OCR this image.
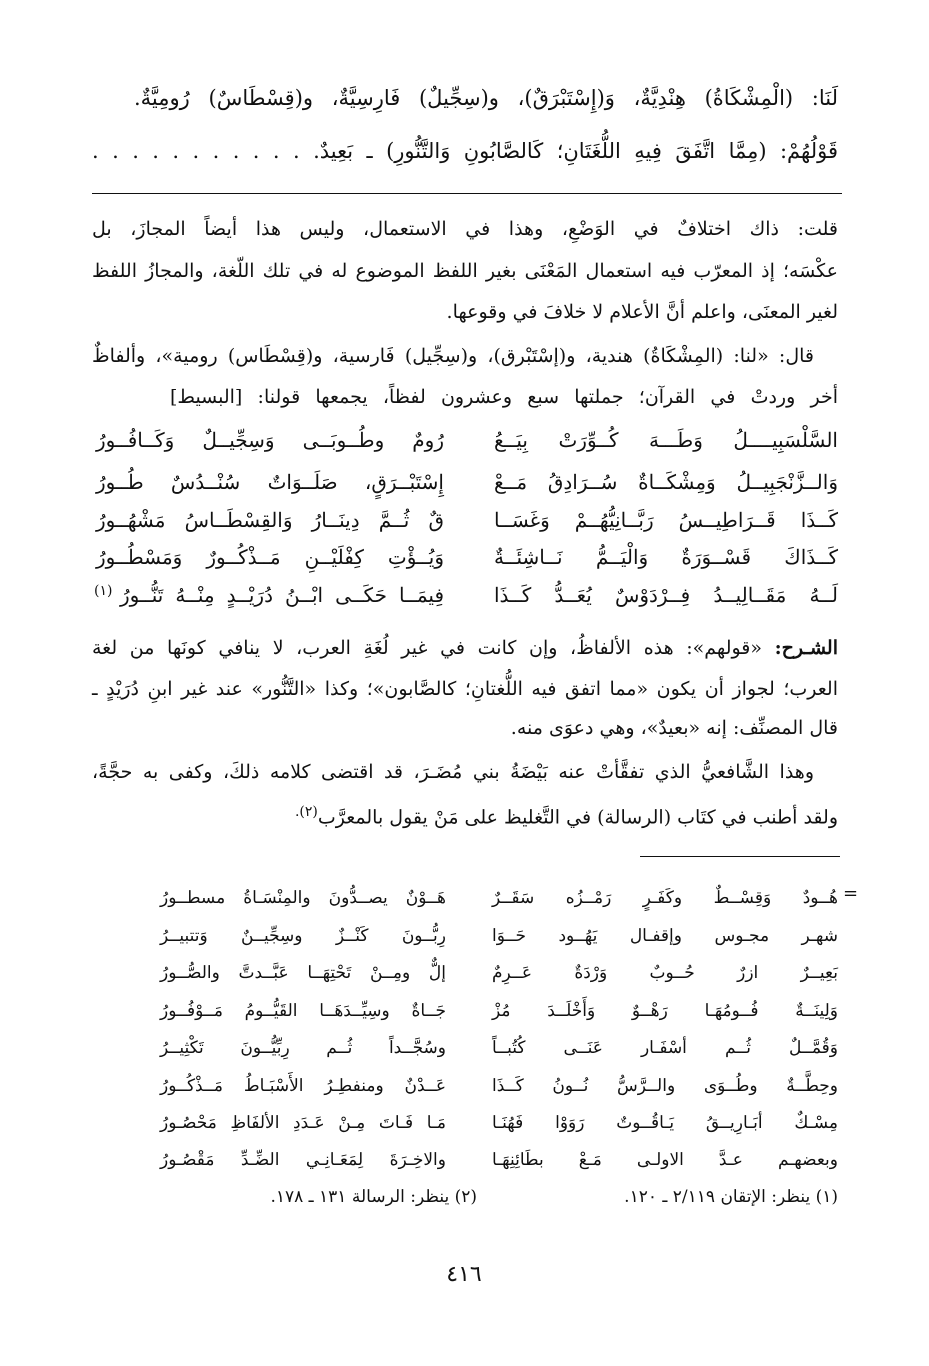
لَنَا: (الْمِشْكَاةُ) هِنْدِيَّةٌ، وَ(إِسْتَبْرَقٌ)، و(سِجِّيلٌ) فَارِسِيَّةٌ، و(قِسْطَاسٌ) رُومِيَّةٌ.
قَوْلُهُمْ: (مِمَّا اتَّفَقَ فِيهِ اللُّغَتَانِ؛ كَالصَّابُونِ وَالتَّنُّورِ) ـ بَعِيدٌ. . . . . . . . . . . .
قلت: ذاك اختلافٌ في الوَضْعِ، وهذا في الاستعمال، وليس هذا أيضاً المجازَ، بل
عكْسَه؛ إذ المعرّب فيه استعمال المَعْنَى بغير اللفظ الموضوع له في تلك اللّغة، والمجازُ اللفظ
لغير المعنَى، واعلم أنَّ الأعلام لا خلافَ في وقوعها.
قال: «لنا: (المِشْكَاةُ) هندية، و(إسْتَبْرق)، و(سِجِّيل) فَارسية، و(قِسْطَاس) رومية»، وألفاظٌ
أخر وردتْ في القرآن؛ جملتها سبع وعشرون لفظاً، يجمعها قولنا: [البسيط]
السَّلْسَبِيــــلُ وَطَـــهَ كُــوِّرَتْ بِيَــعُ
رُومٌ وطُــوبَــى وَسِجِّيــلٌ وَكَــافُــورُ
وَالــزَّنْجَبِيــلُ وَمِشْكَــاةٌ سُــرَادِقُ مَــعْ
إِسْتَبْــرَقٍ، صَلَــوَاتٌ سُنْــدُسٌ طُــورُ
كَــذَا قَــرَاطِيــسُ رَبَّــانِيُّهُــمْ وَغَسَــا
قٌ ثُــمَّ دِينَــارُ وَالقِسْطَــاسُ مَشْهُــورُ
كَــذَاكَ قَسْــوَرَةٌ وَالْيَــمُّ نَــاشِئَــةٌ
وَيُــؤْتِ كِفْلَيْــنِ مَــذْكُــورٌ وَمَسْطُــورُ
لَــهُ مَقَــالِيــدُ فِــرْدَوْسٌ يُعَــدُّ كَــذَا
فِيمَــا حَكَــى ابْــنُ دُرَيْــدٍ مِنْــهُ تَنُّــورُ
(١)
الشـرح: «قولهم»: هذه الألفاظُ، وإن كانت في غير لُغَةِ العرب، لا ينافي كونَها من لغة
العرب؛ لجواز أن يكون «مما اتفق فيه اللُّغتانِ؛ كالصَّابون»؛ وكذا «التَّنُّور» عند غير ابنِ دُرَيْدٍ ـ
قال المصنِّف: إنه «بعيدٌ»، وهي دعوَى منه.
وهذا الشَّافعيُّ الذي تفقَّأتْ عنه بَيْضَةُ بني مُضَـرَ، قد اقتضى كلامه ذلكَ، وكفى به حجَّةً،
ولقد أطنب في كتَاب (الرسالة) في التَّغليظ على مَنْ يقول بالمعرَّب$^{(٢).}$
=
هُــودٌ وَقِسْــطٌ وكَفَـرٍ رَمْــزُه سَقَــرٌ
هَــوْنٌ يصــدُّونَ والمِنْسَـاةُ مسطــورُ
شهـر مجـوس وإقفـال يَهُــود حَــوَا
رِبُّــونَ كَنْــزٌ وسِجِّيــنٌ وَتتبيــرُ
بَعِيــرٌ ازرٌ حُــوبٌ وَرْدَةٌ عَــرِمٌ
إلٌّ ومِــنْ تَحْتِهَــا عَبَّــدتَّ والصُّــورُ
وَلِينَــةٌ فُــومُهَـا رَهْــوٌ وَأَخْلَــدَ مُزْ
جَــاةٌ وسِيِّــدَهَــا القَيُّــومُ مَــوْفُــورُ
وَقُمَّــلٌ ثُــم أسْفَـار عَنَــى كُتُبــاً
وسُجَّــداً ثُــم رِبِّيُّــونَ تَكْثِيــرُ
وحِطَّــةٌ وطُــوَى والــرَّسُّ نُــونُ كَــذَا
عَــدْنٌ ومنفطِـرُ الأَسْبَـاطُ مَــذْكُــورُ
مِسْـكٌ أبَـارِيــقُ يَـاقُــوتٌ رَوَوْا فَهُنَـا
مَـا فَـاتَ مِـنْ عَـدَدِ الألفَاظِ مَحْصُـورُ
وبعضهـم عـدَّ الاولـى مَـعْ بطَائِنِهَـا
والاخِـرَةَ لِمَعَـانِـي الضِّـدِّ مَقْصُـورُ
(١) ينظر: الإتقان ٢/١١٩ ـ ١٢٠.
(٢) ينظر: الرسالة ١٣١ ـ ١٧٨.
٤١٦
